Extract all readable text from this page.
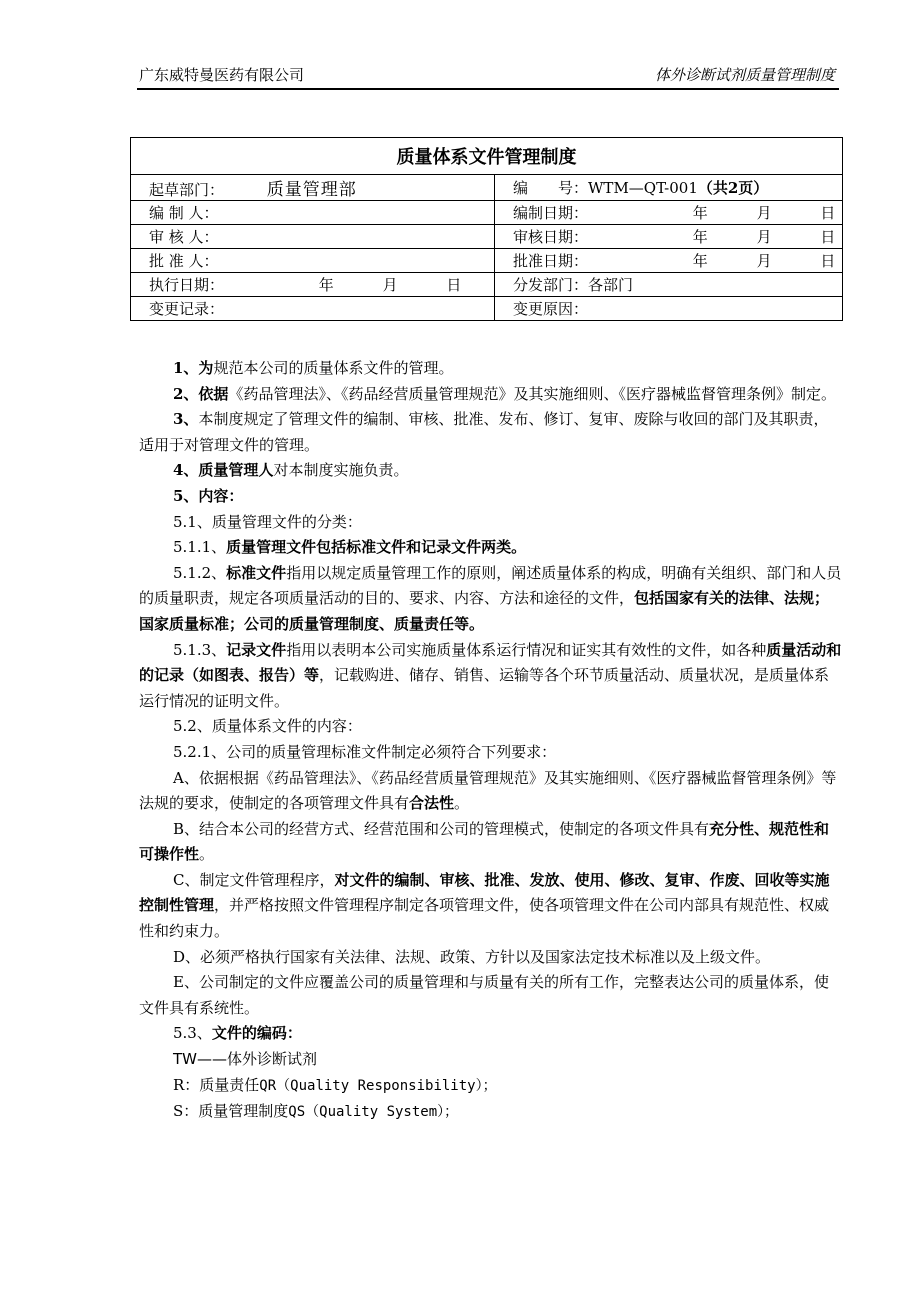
广东威特曼医药有限公司	体外诊断试剂质量管理制度
质量体系文件管理制度	
起草部门： 质量管理部	编　　号：WTM—QT-001（共2页）
编 制 人：	编制日期： 年 月 日
审 核 人：	审核日期： 年 月 日
批 准 人：	批准日期： 年 月 日
执行日期： 年 月 日	分发部门：各部门
变更记录：	变更原因：

1、为规范本公司的质量体系文件的管理。

2、依据《药品管理法》、《药品经营质量管理规范》及其实施细则、《医疗器械监督管理条例》制定。

3、本制度规定了管理文件的编制、审核、批准、发布、修订、复审、废除与收回的部门及其职责，适用于对管理文件的管理。

4、质量管理人对本制度实施负责。

5、内容：

5.1、质量管理文件的分类：

5.1.1、质量管理文件包括标准文件和记录文件两类。

5.1.2、标准文件指用以规定质量管理工作的原则，阐述质量体系的构成，明确有关组织、部门和人员的质量职责，规定各项质量活动的目的、要求、内容、方法和途径的文件，包括国家有关的法律、法规；国家质量标准；公司的质量管理制度、质量责任等。

5.1.3、记录文件指用以表明本公司实施质量体系运行情况和证实其有效性的文件，如各种质量活动和的记录（如图表、报告）等，记载购进、储存、销售、运输等各个环节质量活动、质量状况，是质量体系运行情况的证明文件。

5.2、质量体系文件的内容：

5.2.1、公司的质量管理标准文件制定必须符合下列要求：

A、依据根据《药品管理法》、《药品经营质量管理规范》及其实施细则、《医疗器械监督管理条例》等法规的要求，使制定的各项管理文件具有合法性。

B、结合本公司的经营方式、经营范围和公司的管理模式，使制定的各项文件具有充分性、规范性和可操作性。

C、制定文件管理程序，对文件的编制、审核、批准、发放、使用、修改、复审、作废、回收等实施控制性管理，并严格按照文件管理程序制定各项管理文件，使各项管理文件在公司内部具有规范性、权威性和约束力。

D、必须严格执行国家有关法律、法规、政策、方针以及国家法定技术标准以及上级文件。

E、公司制定的文件应覆盖公司的质量管理和与质量有关的所有工作，完整表达公司的质量体系，使文件具有系统性。

5.3、文件的编码：

TW——体外诊断试剂

R：质量责任QR（Quality Responsibility）；

S：质量管理制度QS（Quality System）；
